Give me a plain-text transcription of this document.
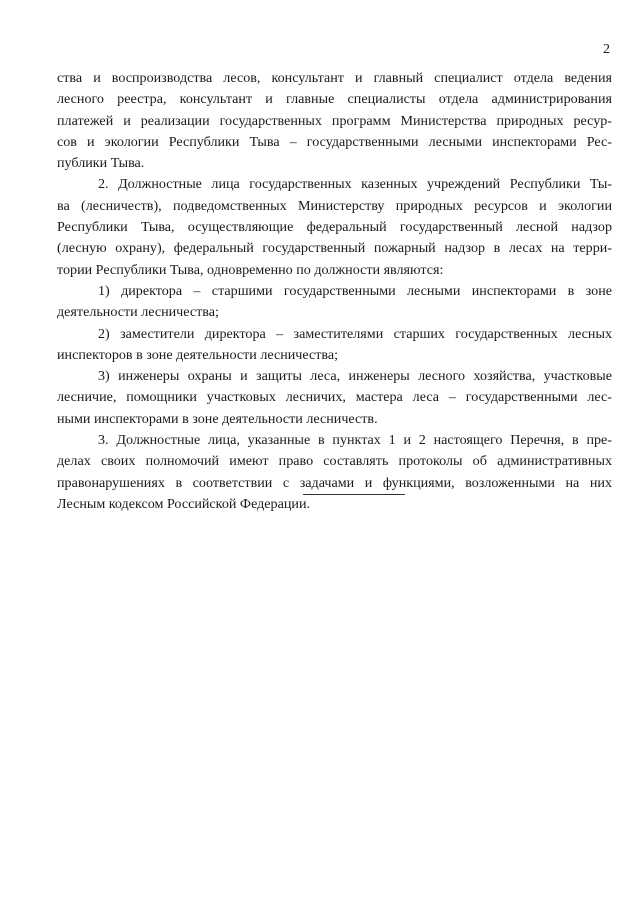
2
ства и воспроизводства лесов, консультант и главный специалист отдела ведения
лесного реестра, консультант и главные специалисты отдела администрирования
платежей и реализации государственных программ Министерства природных ресур-
сов и экологии Республики Тыва – государственными лесными инспекторами Рес-
публики Тыва.
2. Должностные лица государственных казенных учреждений Республики Ты-
ва (лесничеств), подведомственных Министерству природных ресурсов и экологии
Республики Тыва, осуществляющие федеральный государственный лесной надзор
(лесную охрану), федеральный государственный пожарный надзор в лесах на терри-
тории Республики Тыва, одновременно по должности являются:
1) директора – старшими государственными лесными инспекторами в зоне
деятельности лесничества;
2) заместители директора – заместителями старших государственных лесных
инспекторов в зоне деятельности лесничества;
3) инженеры охраны и защиты леса, инженеры лесного хозяйства, участковые
лесничие, помощники участковых лесничих, мастера леса – государственными лес-
ными инспекторами в зоне деятельности лесничеств.
3. Должностные лица, указанные в пунктах 1 и 2 настоящего Перечня, в пре-
делах своих полномочий имеют право составлять протоколы об административных
правонарушениях в соответствии с задачами и функциями, возложенными на них
Лесным кодексом Российской Федерации.
